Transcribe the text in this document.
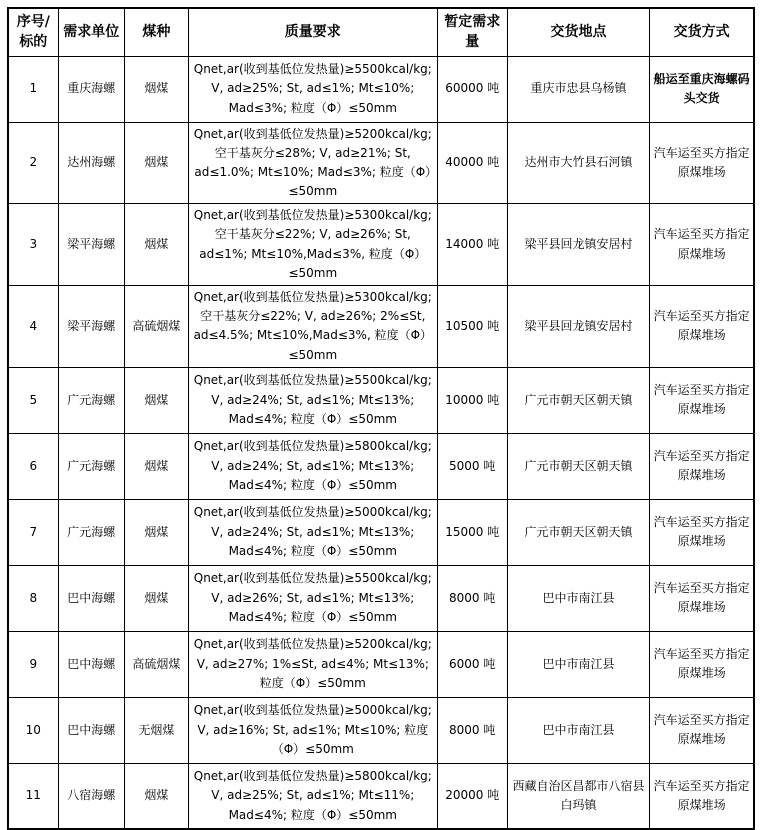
序号/标的	需求单位	煤种	质量要求	暂定需求量	交货地点	交货方式
1	重庆海螺	烟煤	Qnet,ar(收到基低位发热量)≥5500kcal/kg; V, ad≥25%; St, ad≤1%; Mt≤10%; Mad≤3%; 粒度（Φ）≤50mm	60000 吨	重庆市忠县乌杨镇	船运至重庆海螺码头交货
2	达州海螺	烟煤	Qnet,ar(收到基低位发热量)≥5200kcal/kg; 空干基灰分≤28%; V, ad≥21%; St, ad≤1.0%; Mt≤10%; Mad≤3%; 粒度（Φ）≤50mm	40000 吨	达州市大竹县石河镇	汽车运至买方指定原煤堆场
3	梁平海螺	烟煤	Qnet,ar(收到基低位发热量)≥5300kcal/kg; 空干基灰分≤22%; V, ad≥26%; St, ad≤1%; Mt≤10%,Mad≤3%, 粒度（Φ）≤50mm	14000 吨	梁平县回龙镇安居村	汽车运至买方指定原煤堆场
4	梁平海螺	高硫烟煤	Qnet,ar(收到基低位发热量)≥5300kcal/kg; 空干基灰分≤22%; V, ad≥26%; 2%≤St, ad≤4.5%; Mt≤10%,Mad≤3%, 粒度（Φ）≤50mm	10500 吨	梁平县回龙镇安居村	汽车运至买方指定原煤堆场
5	广元海螺	烟煤	Qnet,ar(收到基低位发热量)≥5500kcal/kg; V, ad≥24%; St, ad≤1%; Mt≤13%; Mad≤4%; 粒度（Φ）≤50mm	10000 吨	广元市朝天区朝天镇	汽车运至买方指定原煤堆场
6	广元海螺	烟煤	Qnet,ar(收到基低位发热量)≥5800kcal/kg; V, ad≥24%; St, ad≤1%; Mt≤13%; Mad≤4%; 粒度（Φ）≤50mm	5000 吨	广元市朝天区朝天镇	汽车运至买方指定原煤堆场
7	广元海螺	烟煤	Qnet,ar(收到基低位发热量)≥5000kcal/kg; V, ad≥24%; St, ad≤1%; Mt≤13%; Mad≤4%; 粒度（Φ）≤50mm	15000 吨	广元市朝天区朝天镇	汽车运至买方指定原煤堆场
8	巴中海螺	烟煤	Qnet,ar(收到基低位发热量)≥5500kcal/kg; V, ad≥26%; St, ad≤1%; Mt≤13%; Mad≤4%; 粒度（Φ）≤50mm	8000 吨	巴中市南江县	汽车运至买方指定原煤堆场
9	巴中海螺	高硫烟煤	Qnet,ar(收到基低位发热量)≥5200kcal/kg; V, ad≥27%; 1%≤St, ad≤4%; Mt≤13%; 粒度（Φ）≤50mm	6000 吨	巴中市南江县	汽车运至买方指定原煤堆场
10	巴中海螺	无烟煤	Qnet,ar(收到基低位发热量)≥5000kcal/kg; V, ad≥16%; St, ad≤1%; Mt≤10%; 粒度（Φ）≤50mm	8000 吨	巴中市南江县	汽车运至买方指定原煤堆场
11	八宿海螺	烟煤	Qnet,ar(收到基低位发热量)≥5800kcal/kg; V, ad≥25%; St, ad≤1%; Mt≤11%; Mad≤4%; 粒度（Φ）≤50mm	20000 吨	西藏自治区昌都市八宿县白玛镇	汽车运至买方指定原煤堆场
